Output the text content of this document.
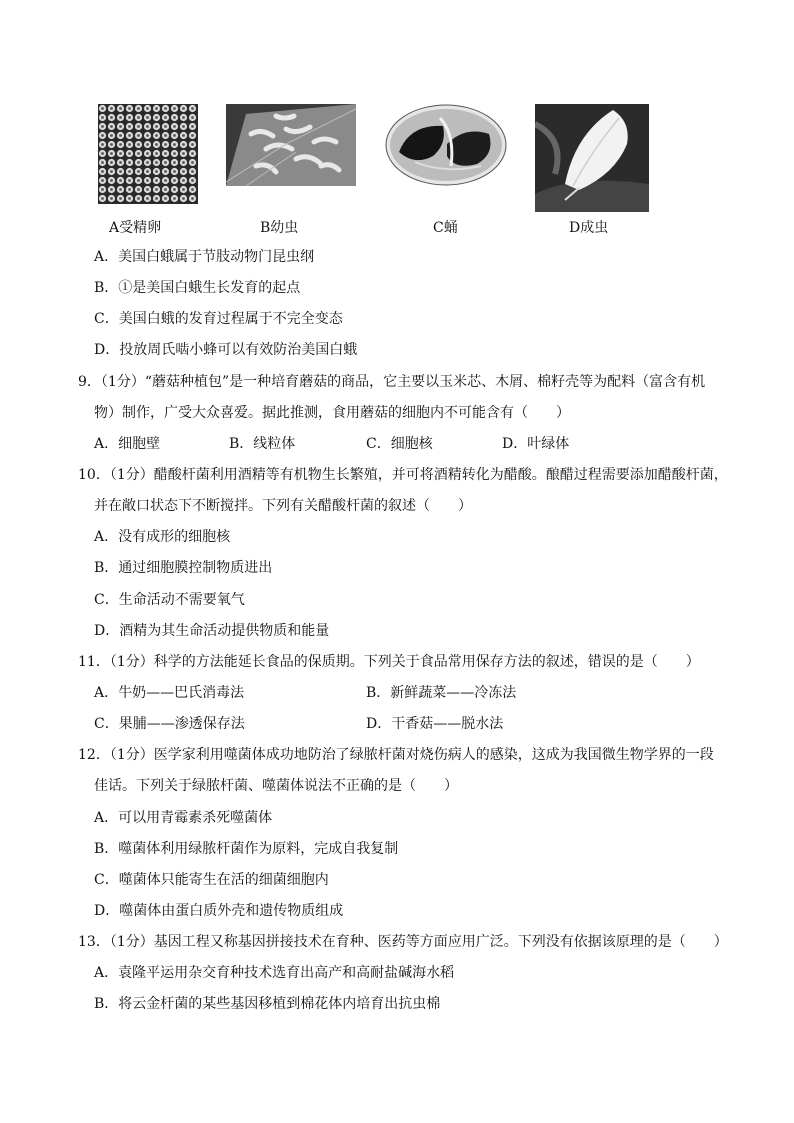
A受精卵	B幼虫	C蛹	D成虫
A．美国白蛾属于节肢动物门昆虫纲
B．①是美国白蛾生长发育的起点
C．美国白蛾的发育过程属于不完全变态
D．投放周氏啮小蜂可以有效防治美国白蛾
9．（1分）“蘑菇种植包”是一种培育蘑菇的商品，它主要以玉米芯、木屑、棉籽壳等为配料（富含有机
物）制作，广受大众喜爱。据此推测，食用蘑菇的细胞内不可能含有（　　）
A．细胞壁	B．线粒体	C．细胞核	D．叶绿体
10．（1分）醋酸杆菌利用酒精等有机物生长繁殖，并可将酒精转化为醋酸。酿醋过程需要添加醋酸杆菌，
并在敞口状态下不断搅拌。下列有关醋酸杆菌的叙述（　　）
A．没有成形的细胞核
B．通过细胞膜控制物质进出
C．生命活动不需要氧气
D．酒精为其生命活动提供物质和能量
11．（1分）科学的方法能延长食品的保质期。下列关于食品常用保存方法的叙述，错误的是（　　）
A．牛奶——巴氏消毒法	B．新鲜蔬菜——冷冻法
C．果脯——渗透保存法	D．干香菇——脱水法
12．（1分）医学家利用噬菌体成功地防治了绿脓杆菌对烧伤病人的感染，这成为我国微生物学界的一段
佳话。下列关于绿脓杆菌、噬菌体说法不正确的是（　　）
A．可以用青霉素杀死噬菌体
B．噬菌体利用绿脓杆菌作为原料，完成自我复制
C．噬菌体只能寄生在活的细菌细胞内
D．噬菌体由蛋白质外壳和遗传物质组成
13．（1分）基因工程又称基因拼接技术在育种、医药等方面应用广泛。下列没有依据该原理的是（　　）
A．袁隆平运用杂交育种技术选育出高产和高耐盐碱海水稻
B．将云金杆菌的某些基因移植到棉花体内培育出抗虫棉
